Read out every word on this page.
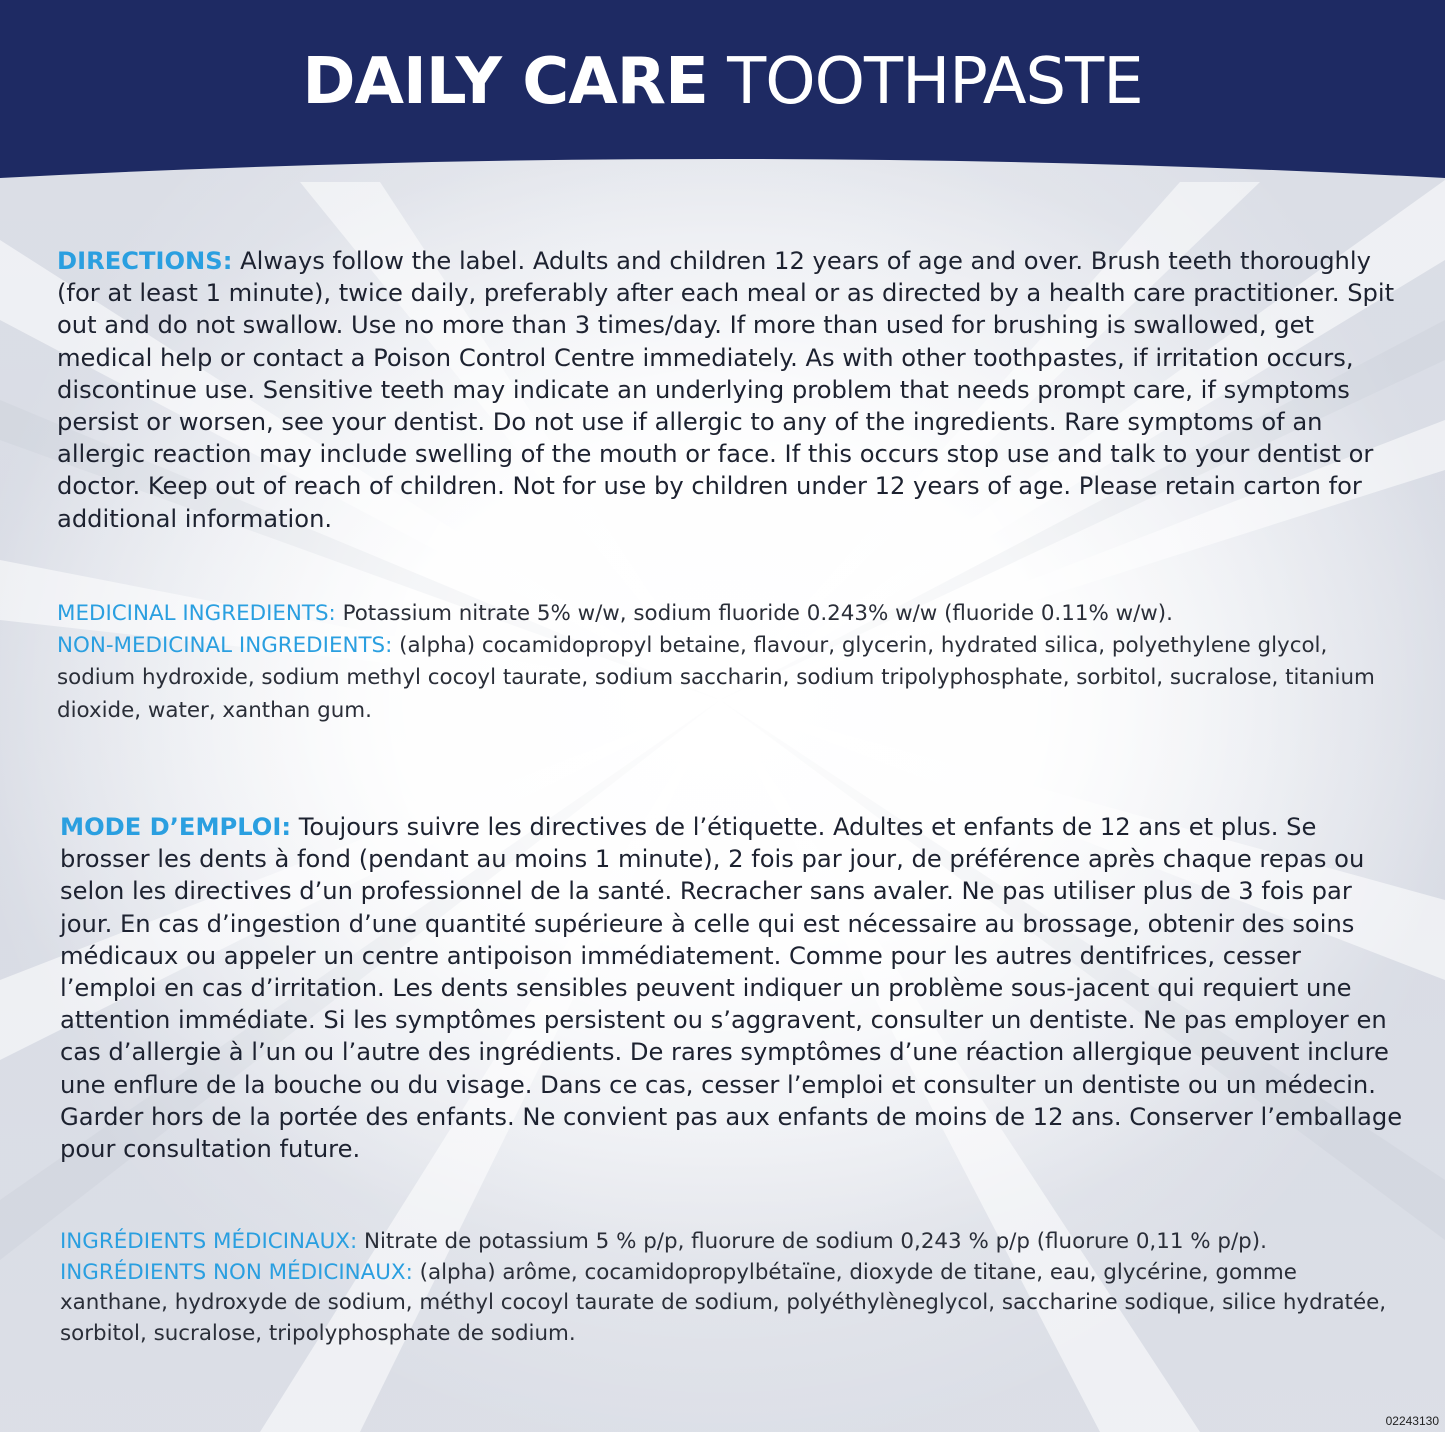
DAILY CARE TOOTHPASTE
DIRECTIONS: Always follow the label. Adults and children 12 years of age and over. Brush teeth thoroughly (for at least 1 minute), twice daily, preferably after each meal or as directed by a health care practitioner. Spit out and do not swallow. Use no more than 3 times/day. If more than used for brushing is swallowed, get medical help or contact a Poison Control Centre immediately. As with other toothpastes, if irritation occurs, discontinue use. Sensitive teeth may indicate an underlying problem that needs prompt care, if symptoms persist or worsen, see your dentist. Do not use if allergic to any of the ingredients. Rare symptoms of an allergic reaction may include swelling of the mouth or face. If this occurs stop use and talk to your dentist or doctor. Keep out of reach of children. Not for use by children under 12 years of age. Please retain carton for additional information.
MEDICINAL INGREDIENTS: Potassium nitrate 5% w/w, sodium fluoride 0.243% w/w (fluoride 0.11% w/w).
NON-MEDICINAL INGREDIENTS: (alpha) cocamidopropyl betaine, flavour, glycerin, hydrated silica, polyethylene glycol, sodium hydroxide, sodium methyl cocoyl taurate, sodium saccharin, sodium tripolyphosphate, sorbitol, sucralose, titanium dioxide, water, xanthan gum.
MODE D’EMPLOI: Toujours suivre les directives de l’étiquette. Adultes et enfants de 12 ans et plus. Se brosser les dents à fond (pendant au moins 1 minute), 2 fois par jour, de préférence après chaque repas ou selon les directives d’un professionnel de la santé. Recracher sans avaler. Ne pas utiliser plus de 3 fois par jour. En cas d’ingestion d’une quantité supérieure à celle qui est nécessaire au brossage, obtenir des soins médicaux ou appeler un centre antipoison immédiatement. Comme pour les autres dentifrices, cesser l’emploi en cas d’irritation. Les dents sensibles peuvent indiquer un problème sous-jacent qui requiert une attention immédiate. Si les symptômes persistent ou s’aggravent, consulter un dentiste. Ne pas employer en cas d’allergie à l’un ou l’autre des ingrédients. De rares symptômes d’une réaction allergique peuvent inclure une enflure de la bouche ou du visage. Dans ce cas, cesser l’emploi et consulter un dentiste ou un médecin. Garder hors de la portée des enfants. Ne convient pas aux enfants de moins de 12 ans. Conserver l’emballage pour consultation future.
INGRÉDIENTS MÉDICINAUX: Nitrate de potassium 5 % p/p, fluorure de sodium 0,243 % p/p (fluorure 0,11 % p/p). INGRÉDIENTS NON MÉDICINAUX: (alpha) arôme, cocamidopropylbétaïne, dioxyde de titane, eau, glycérine, gomme xanthane, hydroxyde de sodium, méthyl cocoyl taurate de sodium, polyéthylèneglycol, saccharine sodique, silice hydratée, sorbitol, sucralose, tripolyphosphate de sodium.
02243130
